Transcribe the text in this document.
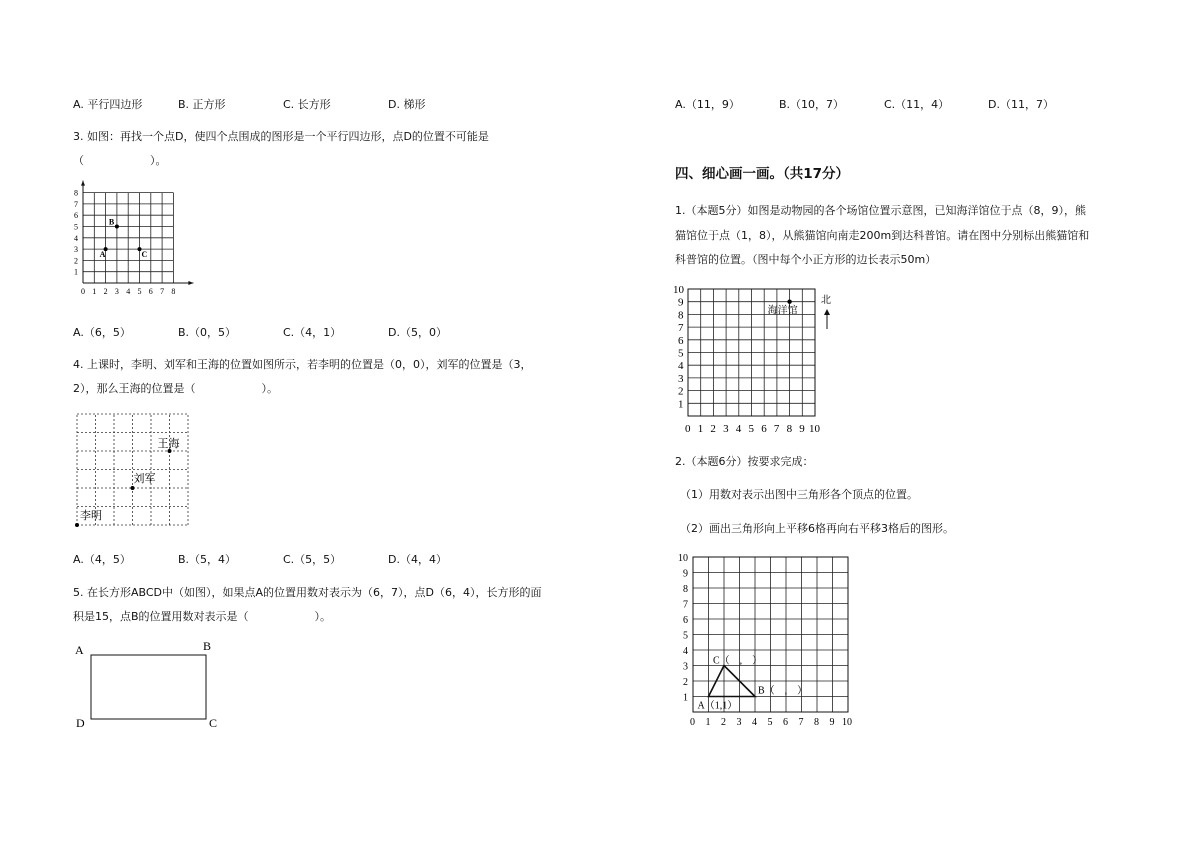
A. 平行四边形	B. 正方形	C. 长方形	D. 梯形
3. 如图：再找一个点D，使四个点围成的图形是一个平行四边形，点D的位置不可能是
（　　　　　　）。
0 1 2 3 4 5 6 7 8
1
2
3
4
5
6
7
8
A
B
C
A.（6，5）	B.（0，5）	C.（4，1）	D.（5，0）
4. 上课时，李明、刘军和王海的位置如图所示，若李明的位置是（0，0），刘军的位置是（3，
2），那么王海的位置是（　　　　　　）。
李明
刘军
王海
A.（4，5）	B.（5，4）	C.（5，5）	D.（4，4）
5. 在长方形ABCD中（如图），如果点A的位置用数对表示为（6，7），点D（6，4），长方形的面
积是15，点B的位置用数对表示是（　　　　　　）。
A	B
C
D
A.（11，9）	B.（10，7）	C.（11，4）	D.（11，7）
四、细心画一画。（共17分）
1.（本题5分）如图是动物园的各个场馆位置示意图，已知海洋馆位于点（8，9），熊
猫馆位于点（1，8），从熊猫馆向南走200m到达科普馆。请在图中分别标出熊猫馆和
科普馆的位置。（图中每个小正方形的边长表示50m）
0 1 2 3 4 5 6 7 8 9 10
1
2
3
4
5
6
7
8
9
10
海洋馆
北
2.（本题6分）按要求完成：
（1）用数对表示出图中三角形各个顶点的位置。
（2）画出三角形向上平移6格再向右平移3格后的图形。
0 1 2 3 4 5 6 7 8 9 10
1
2
3
4
5
6
7
8
9
10
A（1,1）
B（　,　）
C（　,　）
